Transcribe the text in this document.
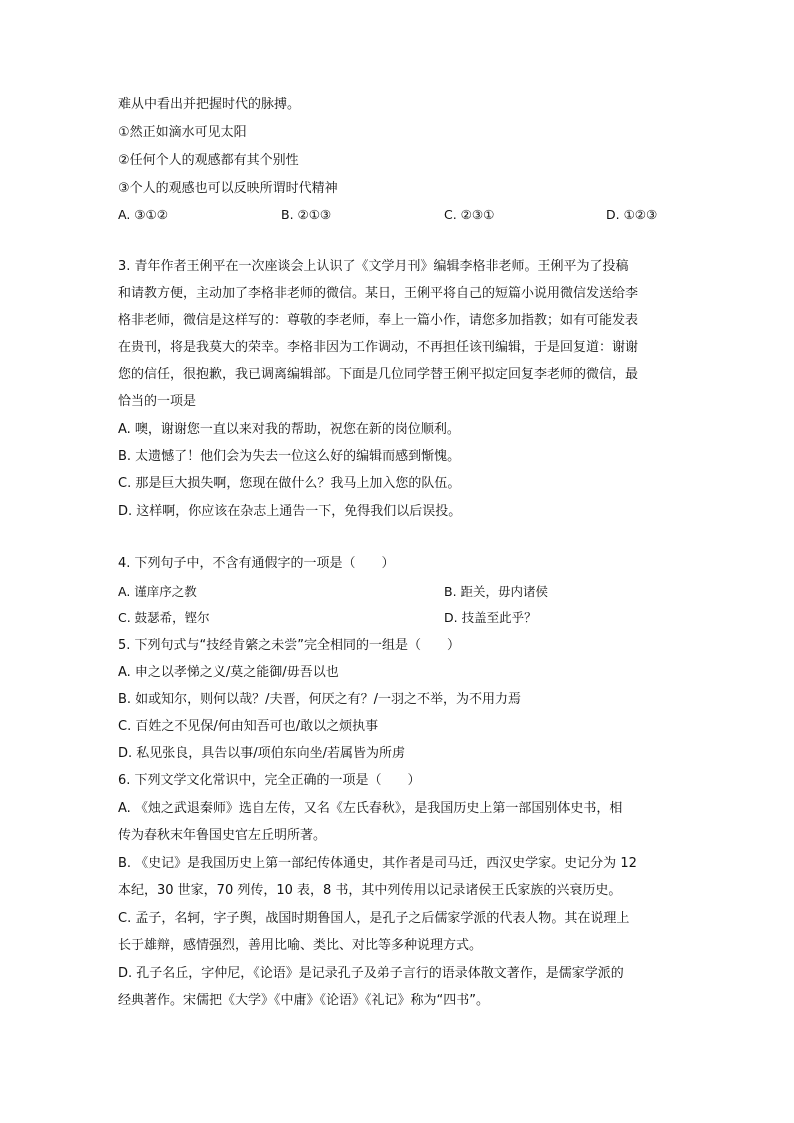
难从中看出并把握时代的脉搏。
①然正如滴水可见太阳
②任何个人的观感都有其个别性
③个人的观感也可以反映所谓时代精神
A. ③①②	B. ②①③	C. ②③①	D. ①②③
3. 青年作者王俐平在一次座谈会上认识了《文学月刊》编辑李格非老师。王俐平为了投稿
和请教方便，主动加了李格非老师的微信。某日，王俐平将自己的短篇小说用微信发送给李
格非老师，微信是这样写的：尊敬的李老师，奉上一篇小作，请您多加指教；如有可能发表
在贵刊，将是我莫大的荣幸。李格非因为工作调动，不再担任该刊编辑，于是回复道：谢谢
您的信任，很抱歉，我已调离编辑部。下面是几位同学替王俐平拟定回复李老师的微信，最
恰当的一项是
A. 噢，谢谢您一直以来对我的帮助，祝您在新的岗位顺利。
B. 太遗憾了！他们会为失去一位这么好的编辑而感到惭愧。
C. 那是巨大损失啊，您现在做什么？我马上加入您的队伍。
D. 这样啊，你应该在杂志上通告一下，免得我们以后误投。
4. 下列句子中，不含有通假字的一项是（　　）
A. 谨庠序之教	B. 距关，毋内诸侯
C. 鼓瑟希，铿尔	D. 技盖至此乎？
5. 下列句式与“技经肯綮之未尝”完全相同的一组是（　　）
A. 申之以孝悌之义/莫之能御/毋吾以也
B. 如或知尔，则何以哉？/夫晋，何厌之有？/一羽之不举，为不用力焉
C. 百姓之不见保/何由知吾可也/敢以之烦执事
D. 私见张良，具告以事/项伯东向坐/若属皆为所虏
6. 下列文学文化常识中，完全正确的一项是（　　）
A. 《烛之武退秦师》选自左传，又名《左氏春秋》，是我国历史上第一部国别体史书，相
传为春秋末年鲁国史官左丘明所著。
B. 《史记》是我国历史上第一部纪传体通史，其作者是司马迁，西汉史学家。史记分为 12
本纪，30 世家，70 列传，10 表，8 书，其中列传用以记录诸侯王氏家族的兴衰历史。
C. 孟子，名轲，字子舆，战国时期鲁国人，是孔子之后儒家学派的代表人物。其在说理上
长于雄辩，感情强烈，善用比喻、类比、对比等多种说理方式。
D. 孔子名丘，字仲尼，《论语》是记录孔子及弟子言行的语录体散文著作，是儒家学派的
经典著作。宋儒把《大学》《中庸》《论语》《礼记》称为“四书”。
